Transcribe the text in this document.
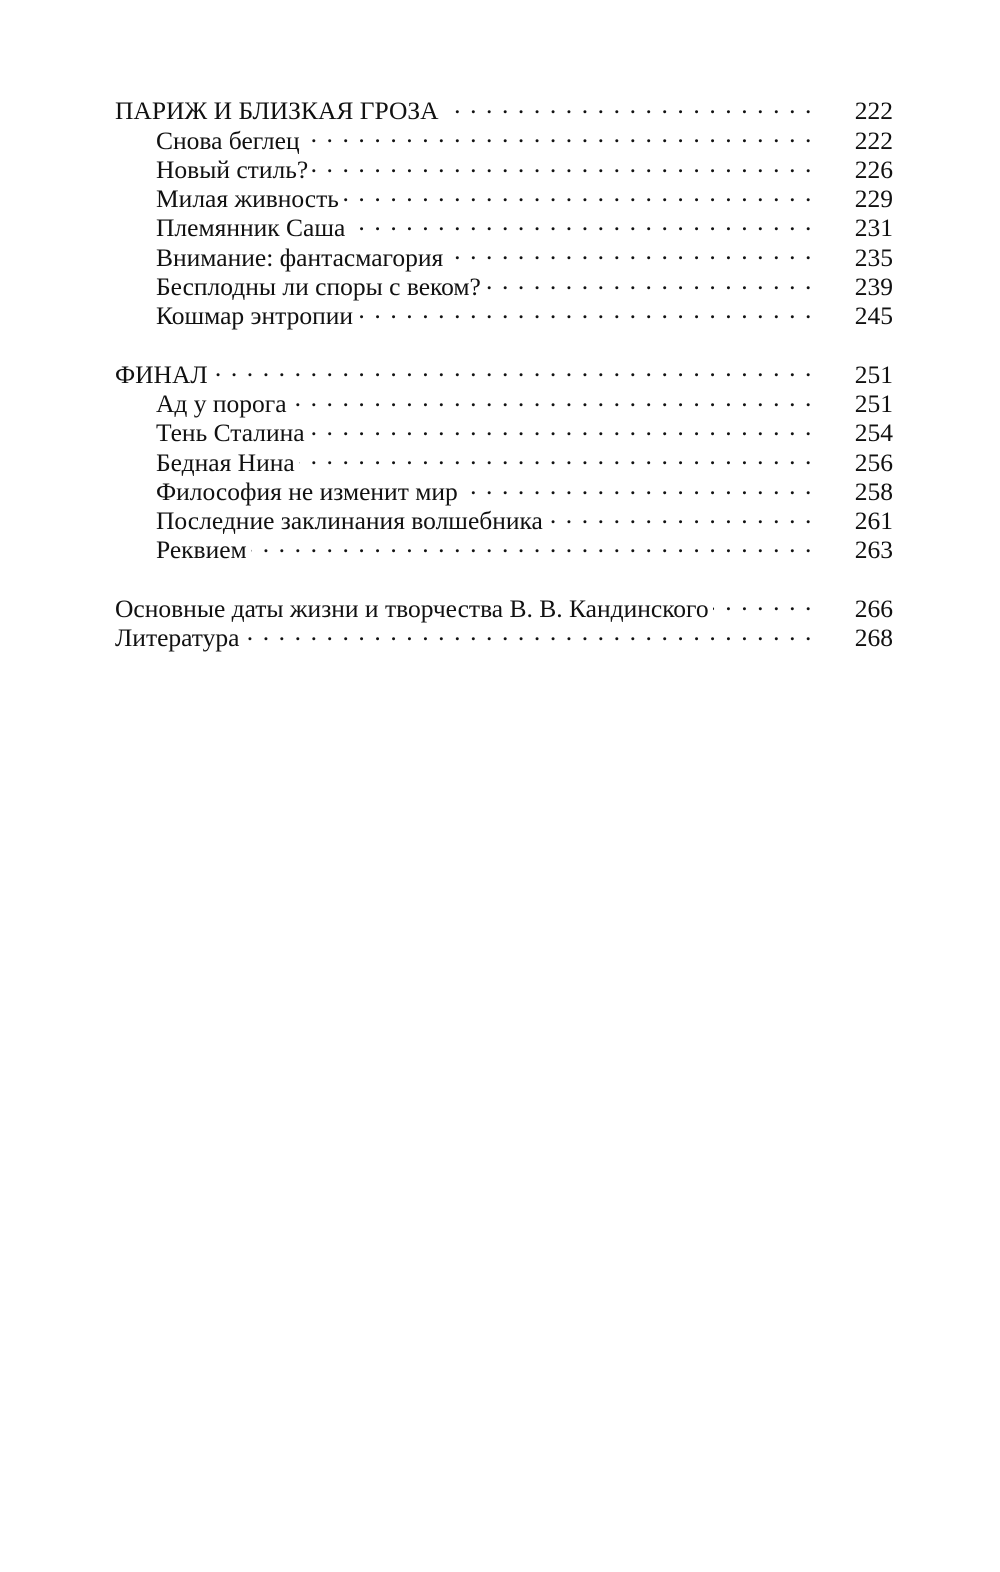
ПАРИЖ И БЛИЗКАЯ ГРОЗА . . .	222
Снова беглец . . .	222
Новый стиль? . . .	226
Милая живность . . .	229
Племянник Саша . . .	231
Внимание: фантасмагория . . .	235
Бесплодны ли споры с веком? . . .	239
Кошмар энтропии . . .	245
ФИНАЛ . . .	251
Ад у порога . . .	251
Тень Сталина . . .	254
Бедная Нина . . .	256
Философия не изменит мир . . .	258
Последние заклинания волшебника . . .	261
Реквием . . .	263
Основные даты жизни и творчества В. В. Кандинского . . .	266
Литература . . .	268
